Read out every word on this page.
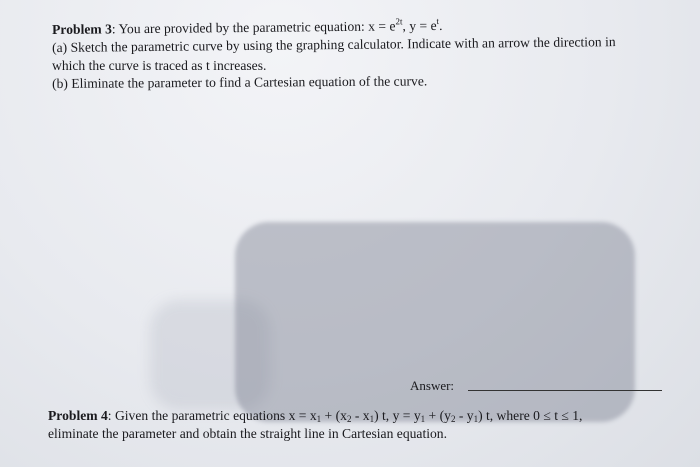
Problem 3: You are provided by the parametric equation: $x = e^{2t}$, $y = e^t$.
(a) Sketch the parametric curve by using the graphing calculator. Indicate with an arrow the direction in
which the curve is traced as t increases.
(b) Eliminate the parameter to find a Cartesian equation of the curve.
Answer:
Problem 4: Given the parametric equations $x = x_1 + (x_2 - x_1)$ t, $y = y_1 + (y_2 - y_1)$ t, where 0 ≤ t ≤ 1,
eliminate the parameter and obtain the straight line in Cartesian equation.
